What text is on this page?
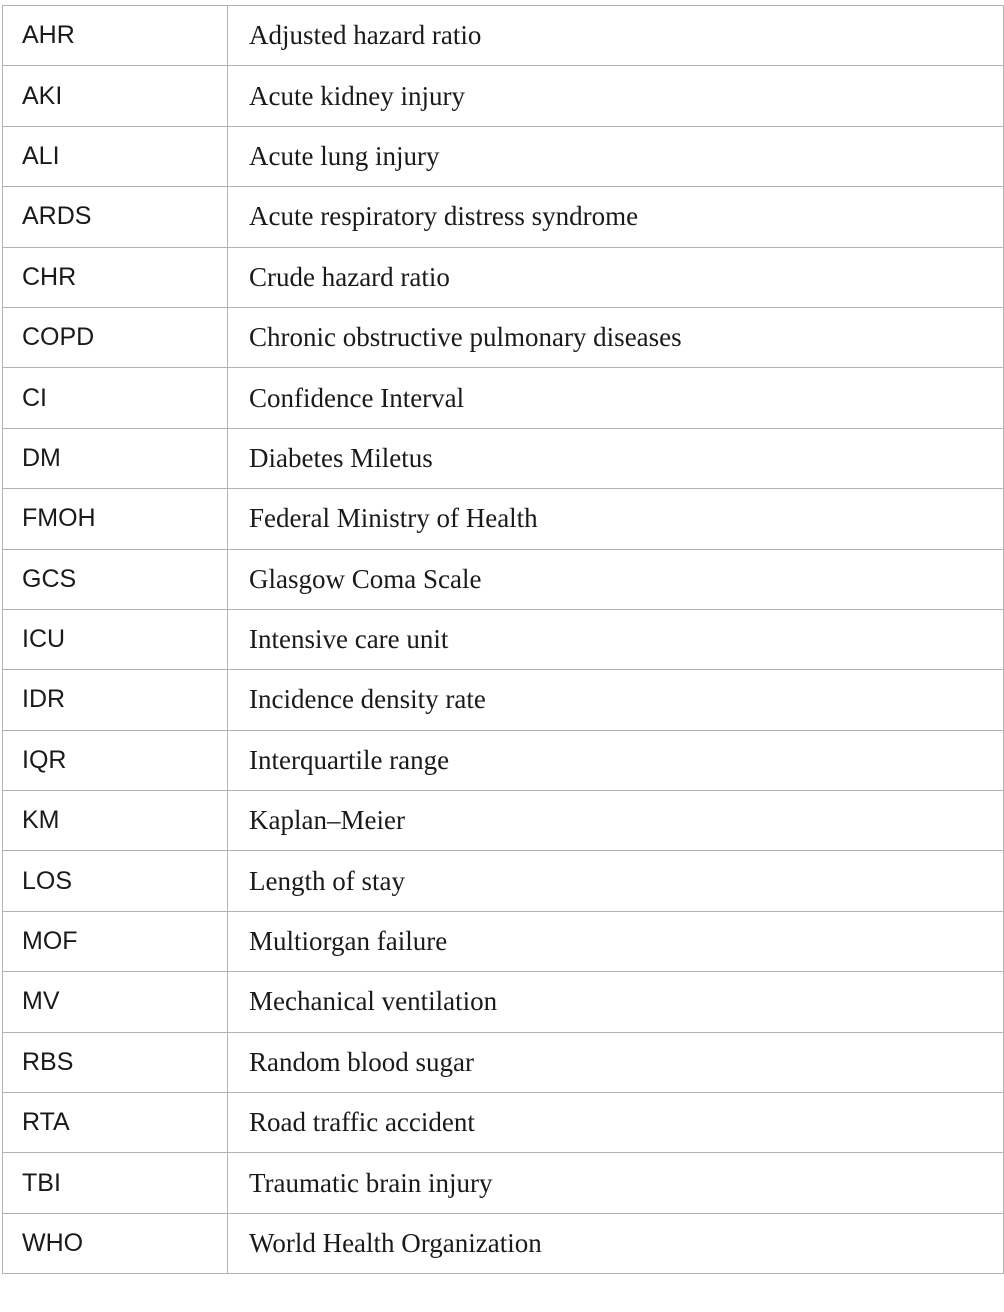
AHR	Adjusted hazard ratio
AKI	Acute kidney injury
ALI	Acute lung injury
ARDS	Acute respiratory distress syndrome
CHR	Crude hazard ratio
COPD	Chronic obstructive pulmonary diseases
CI	Confidence Interval
DM	Diabetes Miletus
FMOH	Federal Ministry of Health
GCS	Glasgow Coma Scale
ICU	Intensive care unit
IDR	Incidence density rate
IQR	Interquartile range
KM	Kaplan–Meier
LOS	Length of stay
MOF	Multiorgan failure
MV	Mechanical ventilation
RBS	Random blood sugar
RTA	Road traffic accident
TBI	Traumatic brain injury
WHO	World Health Organization
